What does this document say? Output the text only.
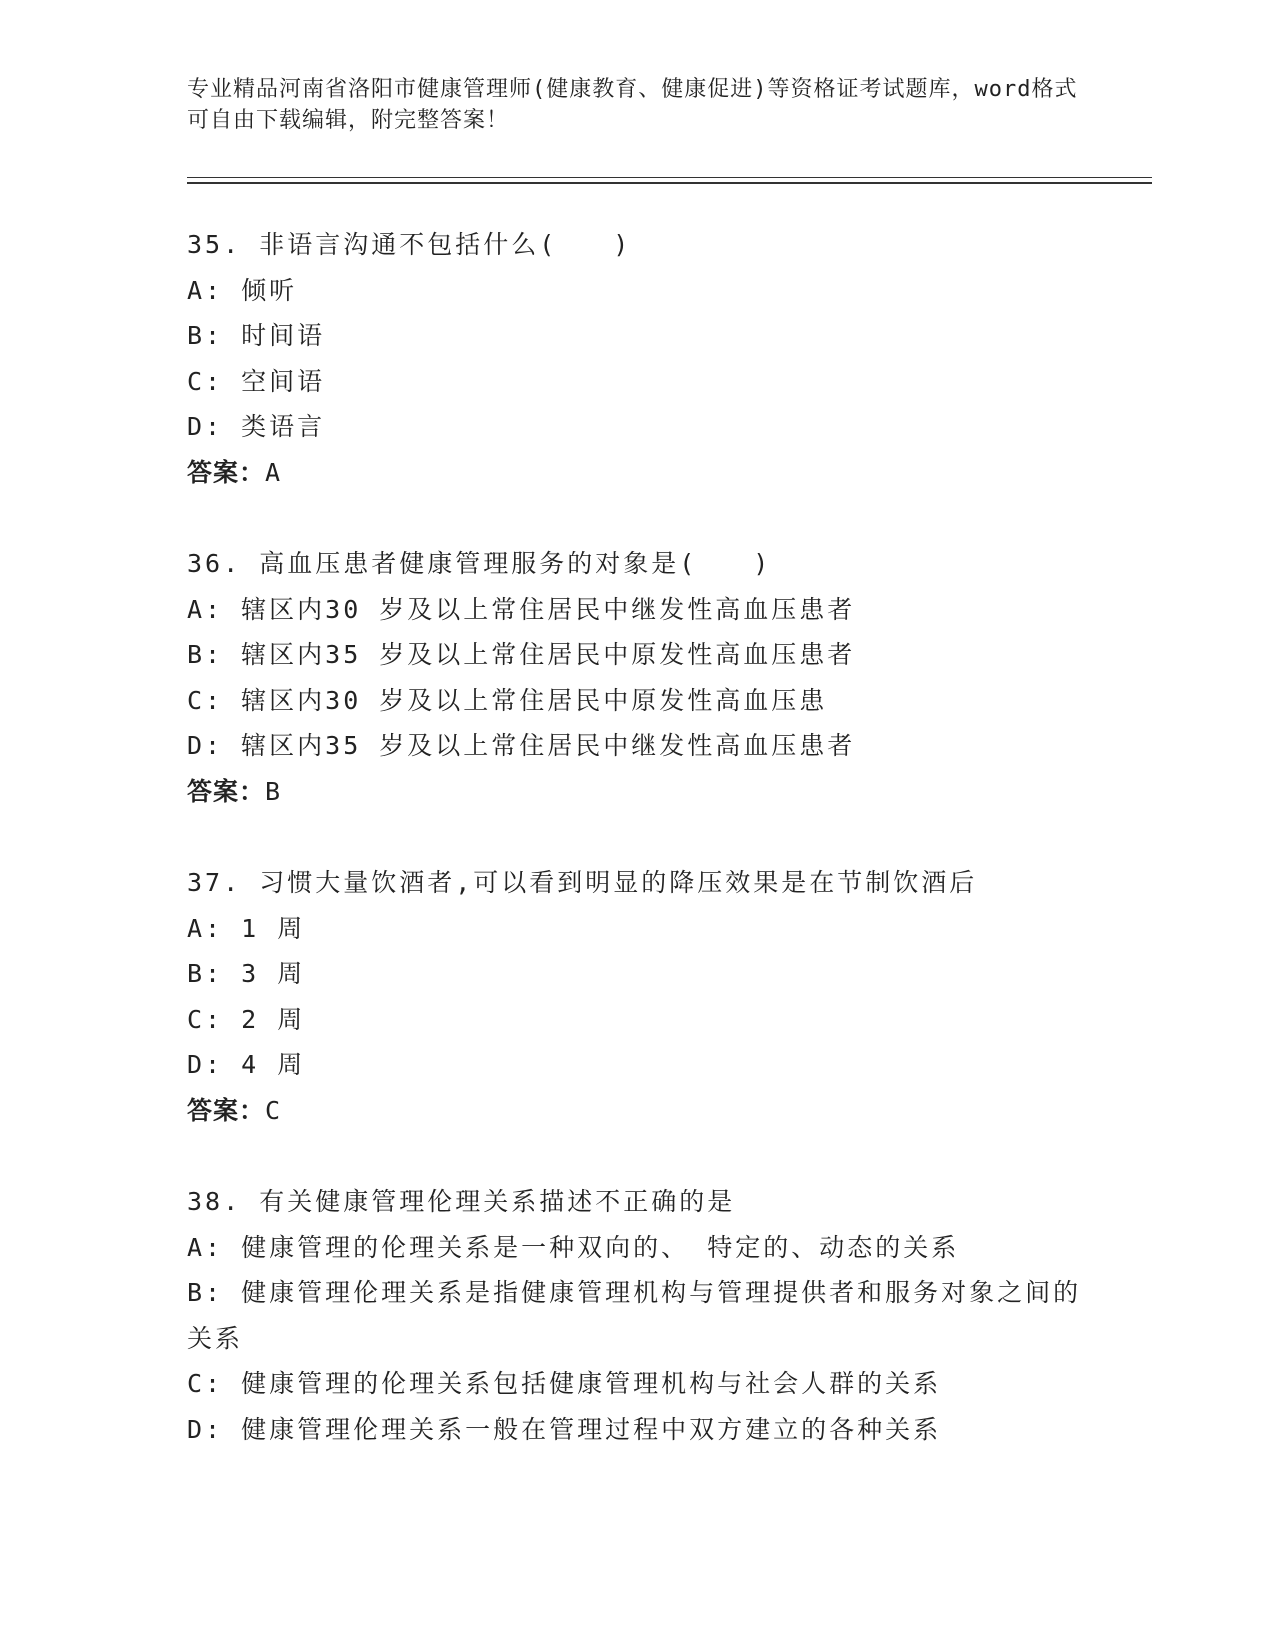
专业精品河南省洛阳市健康管理师(健康教育、健康促进)等资格证考试题库，word格式可自由下载编辑，附完整答案！
35. 非语言沟通不包括什么(　　)
A: 倾听
B: 时间语
C: 空间语
D: 类语言
答案：A
36. 高血压患者健康管理服务的对象是(　　)
A: 辖区内30 岁及以上常住居民中继发性高血压患者
B: 辖区内35 岁及以上常住居民中原发性高血压患者
C: 辖区内30 岁及以上常住居民中原发性高血压患
D: 辖区内35 岁及以上常住居民中继发性高血压患者
答案：B
37. 习惯大量饮酒者,可以看到明显的降压效果是在节制饮酒后
A: 1 周
B: 3 周
C: 2 周
D: 4 周
答案：C
38. 有关健康管理伦理关系描述不正确的是
A: 健康管理的伦理关系是一种双向的、 特定的、动态的关系
B: 健康管理伦理关系是指健康管理机构与管理提供者和服务对象之间的关系
C: 健康管理的伦理关系包括健康管理机构与社会人群的关系
D: 健康管理伦理关系一般在管理过程中双方建立的各种关系
